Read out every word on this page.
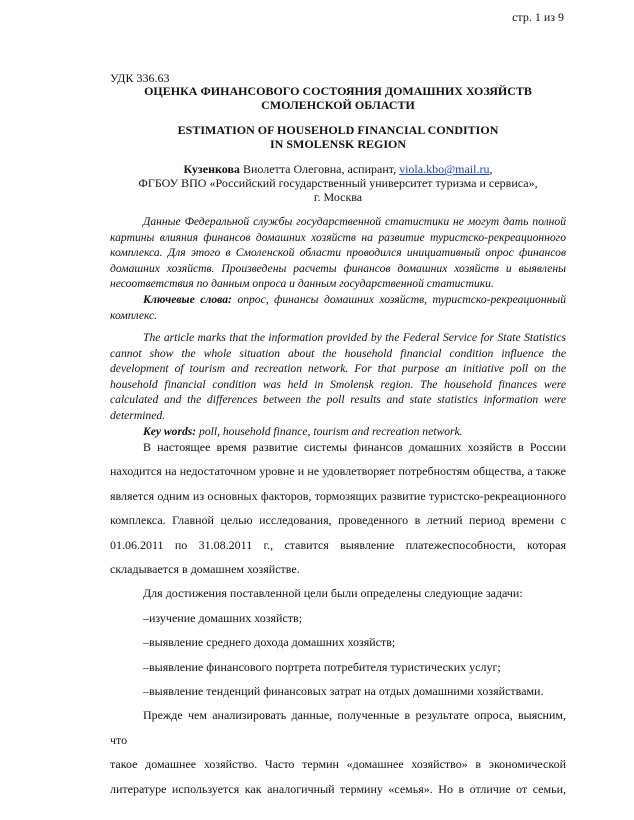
стр. 1 из 9
УДК 336.63
ОЦЕНКА ФИНАНСОВОГО СОСТОЯНИЯ ДОМАШНИХ ХОЗЯЙСТВ
СМОЛЕНСКОЙ ОБЛАСТИ
ESTIMATION OF HOUSEHOLD FINANCIAL CONDITION
IN SMOLENSK REGION
Кузенкова Виолетта Олеговна, аспирант, viola.kbo@mail.ru,
ФГБОУ ВПО «Российский государственный университет туризма и сервиса»,
г. Москва
Данные Федеральной службы государственной статистики не могут дать полной
картины влияния финансов домашних хозяйств на развитие туристско-рекреационного
комплекса. Для этого в Смоленской области проводился инициативный опрос финансов
домашних хозяйств. Произведены расчеты финансов домашних хозяйств и выявлены
несоответствия по данным опроса и данным государственной статистики.
Ключевые слова: опрос, финансы домашних хозяйств, туристско-рекреационный
комплекс.
The article marks that the information provided by the Federal Service for State Statistics
cannot show the whole situation about the household financial condition influence the
development of tourism and recreation network. For that purpose an initiative poll on the
household financial condition was held in Smolensk region. The household finances were
calculated and the differences between the poll results and state statistics information were
determined.
Key words: poll, household finance, tourism and recreation network.
В настоящее время развитие системы финансов домашних хозяйств в России
находится на недостаточном уровне и не удовлетворяет потребностям общества, а также
является одним из основных факторов, тормозящих развитие туристско-рекреационного
комплекса. Главной целью исследования, проведенного в летний период времени с
01.06.2011 по 31.08.2011 г., ставится выявление платежеспособности, которая
складывается в домашнем хозяйстве.
Для достижения поставленной цели были определены следующие задачи:
–изучение домашних хозяйств;
–выявление среднего дохода домашних хозяйств;
–выявление финансового портрета потребителя туристических услуг;
–выявление тенденций финансовых затрат на отдых домашними хозяйствами.
Прежде чем анализировать данные, полученные в результате опроса, выясним, что
такое домашнее хозяйство. Часто термин «домашнее хозяйство» в экономической
литературе используется как аналогичный термину «семья». Но в отличие от семьи,
